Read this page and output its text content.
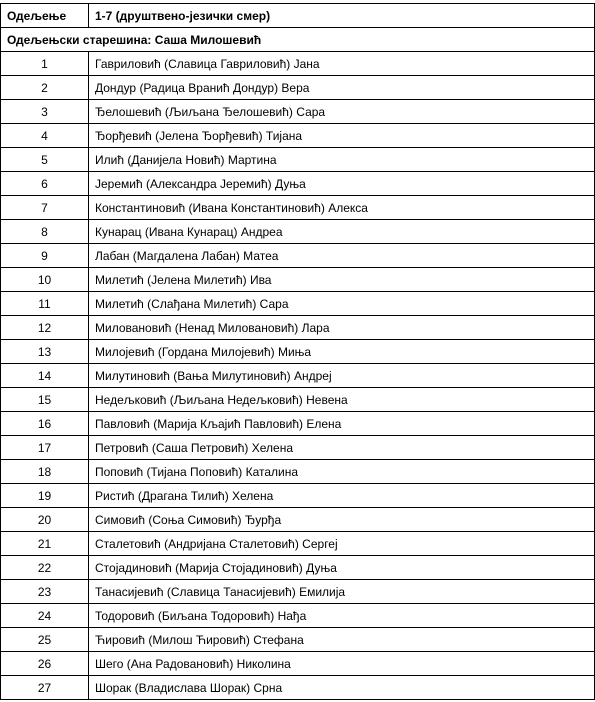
Одељење	1-7 (друштвено-језички смер)
Одељењски старешина: Саша Милошевић	
1	Гавриловић (Славица Гавриловић) Јана
2	Дондур (Радица Вранић Дондур) Вера
3	Ђелошевић (Љиљана Ђелошевић) Сара
4	Ђорђевић (Јелена Ђорђевић) Тијана
5	Илић (Данијела Новић) Мартина
6	Јеремић (Александра Јеремић) Дуња
7	Константиновић (Ивана Константиновић) Алекса
8	Кунарац (Ивана Кунарац) Андреа
9	Лабан (Магдалена Лабан) Матеа
10	Милетић (Јелена Милетић) Ива
11	Милетић (Слађана Милетић) Сара
12	Миловановић (Ненад Миловановић) Лара
13	Милојевић (Гордана Милојевић) Миња
14	Милутиновић (Вања Милутиновић) Андреј
15	Недељковић (Љиљана Недељковић) Невена
16	Павловић (Марија Кљајић Павловић) Елена
17	Петровић (Саша Петровић) Хелена
18	Поповић (Тијана Поповић) Каталина
19	Ристић (Драгана Тилић) Хелена
20	Симовић (Соња Симовић) Ђурђа
21	Сталетовић (Андријана Сталетовић) Сергеј
22	Стојадиновић (Марија Стојадиновић) Дуња
23	Танасијевић (Славица Танасијевић) Емилија
24	Тодоровић (Биљана Тодоровић) Нађа
25	Ћировић (Милош Ћировић) Стефана
26	Шего (Ана Радовановић) Николина
27	Шорак (Владислава Шорак) Срна
